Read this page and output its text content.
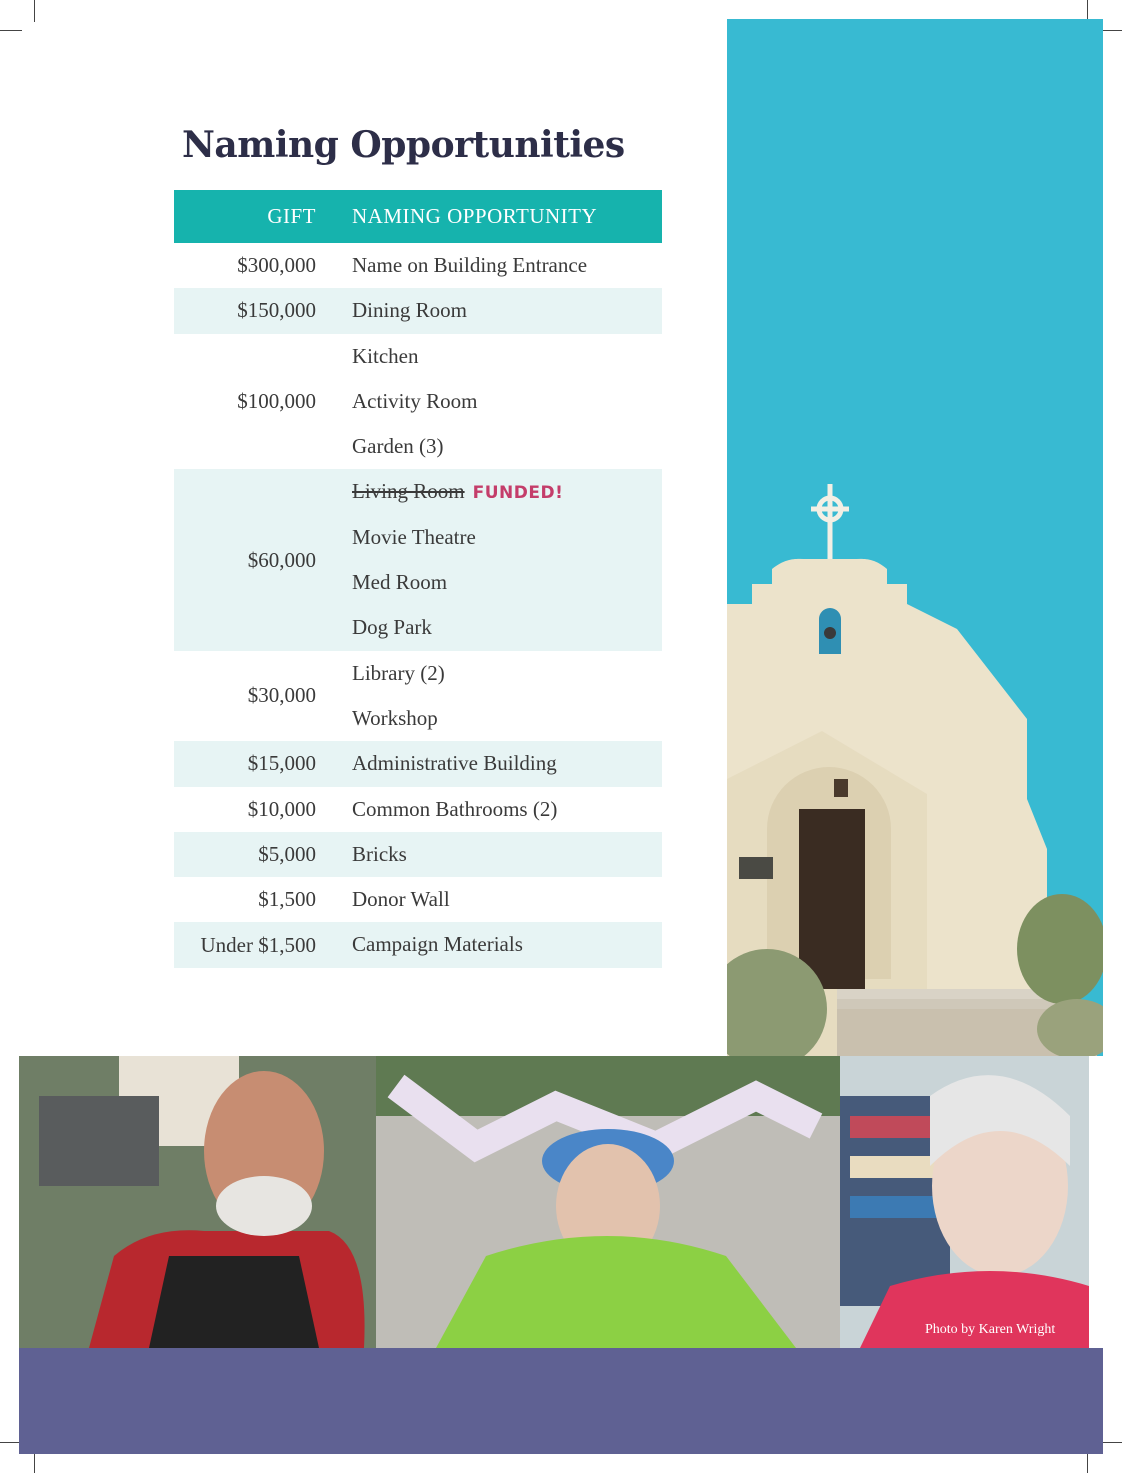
Naming Opportunities
GIFT	NAMING OPPORTUNITY
$300,000 Name on Building Entrance
$150,000 Dining Room
$100,000
Kitchen
Activity Room
Garden (3)
$60,000
Living Room FUNDED!
Movie Theatre
Med Room
Dog Park
$30,000
Library (2)
Workshop
$15,000 Administrative Building
$10,000 Common Bathrooms (2)
$5,000 Bricks
$1,500 Donor Wall
Under $1,500 Campaign Materials
Photo by Karen Wright
